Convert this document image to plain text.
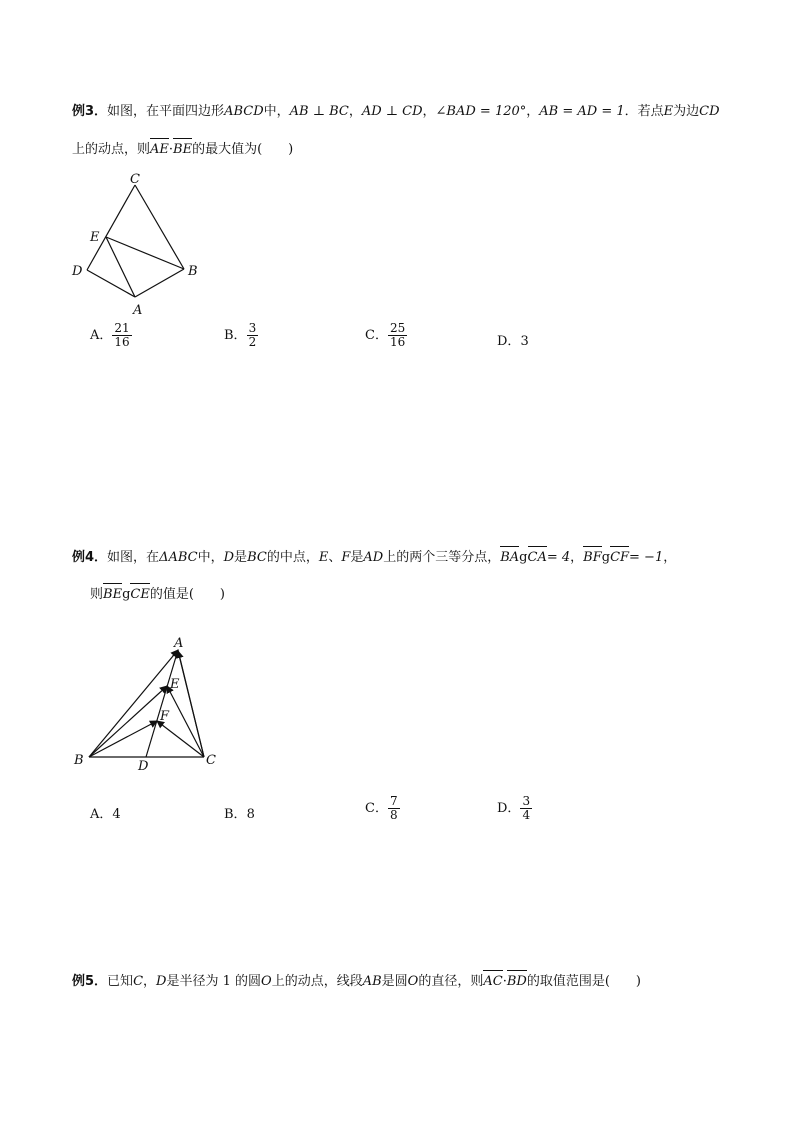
例3．如图，在平面四边形ABCD中，AB ⊥ BC，AD ⊥ CD，∠BAD = 120°，AB = AD = 1．若点E为边CD
上的动点，则AE·BE的最大值为(　　)
C
E
D	B
A
A． $\frac{21}{16}$	B． $\frac{3}{2}$	C． $\frac{25}{16}$	D．3
例4．如图，在ΔABC中，D是BC的中点，E、F是AD上的两个三等分点，BAgCA= 4，BFgCF= −1，
则BEgCE的值是(　　)
A
E
F
B	D	C
A．4	B．8	C． $\frac{7}{8}$	D． $\frac{3}{4}$
例5．已知C，D是半径为 1 的圆O上的动点，线段AB是圆O的直径，则AC·BD的取值范围是(　　)
